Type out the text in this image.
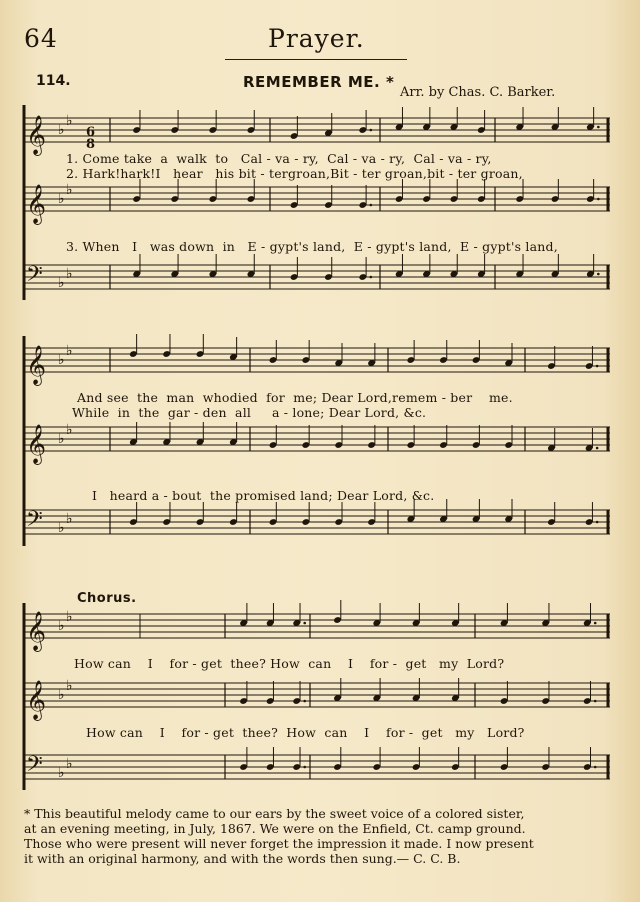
64	Prayer.
114.	REMEMBER ME. *
Arr. by Chas. C. Barker.
𝄞 ♭
♭
𝄞 ♭
♭
𝄢 ♭
♭
6
8
𝄞 ♭
♭
𝄞 ♭
♭
𝄢 ♭
♭
𝄞 ♭
♭
𝄞 ♭
♭
𝄢 ♭
♭
1. Come take  a  walk  to   Cal - va - ry,  Cal - va - ry,  Cal - va - ry,
2. Hark!hark!I   hear   his bit - tergroan,Bit - ter groan,bit - ter groan,
3. When   I   was down  in   E - gypt's land,  E - gypt's land,  E - gypt's land,
And see  the  man  whodied  for  me; Dear Lord,remem - ber    me.
While  in  the  gar - den  all     a - lone; Dear Lord, &c.
I   heard a - bout  the promised land; Dear Lord, &c.
Chorus.
How can    I    for - get  thee? How  can    I    for -  get   my  Lord?
How can    I    for - get  thee?  How  can    I    for -  get   my   Lord?
* This beautiful melody came to our ears by the sweet voice of a colored sister,
at an evening meeting, in July, 1867. We were on the Enfield, Ct. camp ground.
Those who were present will never forget the impression it made. I now present
it with an original harmony, and with the words then sung.— C. C. B.
